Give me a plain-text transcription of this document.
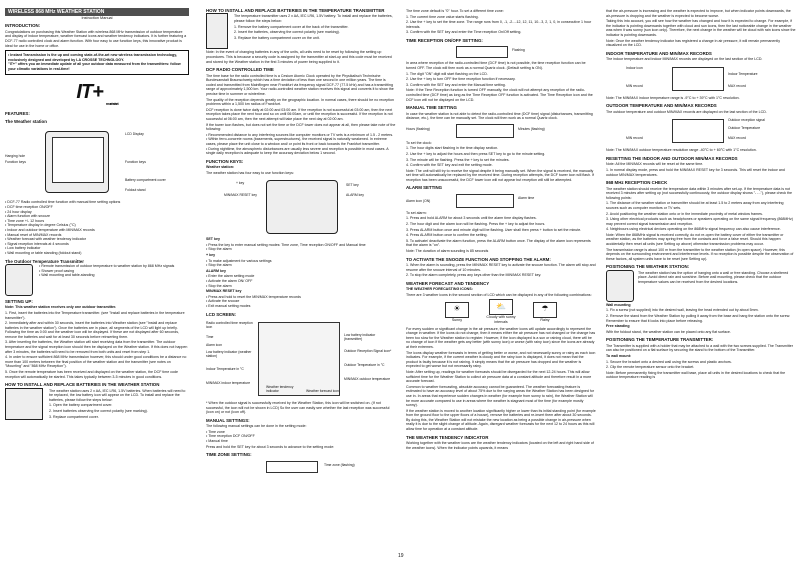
WIRELESS 868 MHz WEATHER STATION
Instruction Manual
INTRODUCTION:
Congratulations on purchasing this Weather Station with wireless 868 MHz transmission of outdoor temperature and display of indoor temperature, weather forecast icons and weather tendency indicators. It is further featuring a DCF-77 radio controlled clock and alarm function. With four easy to use function keys, this innovative product is ideal for use in the home or office.
• Instant Transmission is the up and coming state-of-the-art new wireless transmission technology, exclusively designed and developed by LA CROSSE TECHNOLOGY.
"IT+" offers you an immediate update of all your outdoor data measured from the transmitters: follow your climatic variations in real-time!
IT+
moreinstant
FEATURES:
The Weather station
LCD Display
Hanging hole
Function keys	Function keys
Battery compartment cover
Foldout stand
• DCF-77 Radio controlled time function with manual time setting options
• DCF time reception ON/OFF
• 24 hour display
• Alarm function with snooze
• Time zone +/- 12 hours
• Temperature display in degree Celsius (°C)
• Indoor and outdoor temperature with MIN/MAX records
• Manual reset of MIN/MAX records
• Weather forecast with weather tendency indicator
• Signal reception intervals at 4 seconds
• Low battery indicator
• Wall mounting or table standing (foldout stand)
The Outdoor Temperature Transmitter
• Remote transmission of outdoor temperature to weather station by 868 MHz signals
• Shower proof casing
• Wall mounting and table-standing
SETTING UP:
Note: This weather station receives only one outdoor transmitter.
1. First, insert the batteries into the Temperature transmitter. (see "Install and replace batteries in the temperature transmitter").
2. Immediately after and within 30 seconds, insert the batteries into Weather station (see "Install and replace batteries in the weather station"). Once the batteries are in place, all segments of the LCD will light up briefly. Following the time as 0:00 and the weather icon will be displayed. If these are not displayed after 60 seconds, remove the batteries and wait for at least 30 seconds before reinserting them.
3. After inserting the batteries, the Weather station will start receiving data from the transmitter. The outdoor temperature and the signal reception icon should then be displayed on the Weather station. If this does not happen after 3 minutes, the batteries will need to be removed from both units and reset from step 1.
4. In order to ensure sufficient 868 MHz transmission however, this should under good conditions be a distance no more than 100 meters between the final position of the weather station and the transmitter (see notes on "Mounting" and "868 MHz Reception").
5. Once the remote temperature has been received and displayed on the weather station, the DCF time code reception will automatically be started. This takes typically between 3-5 minutes in good conditions.
HOW TO INSTALL AND REPLACE BATTERIES IN THE WEATHER STATION
The weather station uses 2 x AA, IEC LR6, 1.5V batteries. When batteries will need to be replaced, the low battery icon will appear on the LCD. To install and replace the batteries, please follow the steps below:
1. Open the battery compartment cover.
2. Insert batteries observing the correct polarity (see marking).
3. Replace compartment cover.
HOW TO INSTALL AND REPLACE BATTERIES IN THE TEMPERATURE TRANSMITTER
The temperature transmitter uses 2 x AA, IEC LR6, 1.5V battery. To install and replace the batteries, please follow the steps below:
1. Remove the battery compartment cover at the back of the transmitter.
2. Insert the batteries, observing the correct polarity (see marking).
3. Replace the battery compartment cover on the unit.
Note: In the event of changing batteries in any of the units, all units need to be reset by following the setting up procedures. This is because a security code is assigned by the transmitter at start-up and this code must be received and stored by the Weather station in the first 3 minutes of power being supplied to it.
DCF RADIO CONTROLLED TIME
The time base for the radio controlled time is a Cesium Atomic Clock operated by the Physikalisch Technische Bundesanstalt Braunschweig which has a time deviation of less than one second in one million years. The time is coded and transmitted from Mainflingen near Frankfurt via frequency signal DCF-77 (77.5 kHz) and has a transmitting range of approximately 1,500 km. Your radio-controlled weather station receives this signal and converts it to show the precise time in summer or wintertime.
The quality of the reception depends greatly on the geographic location. In normal cases, there should be no reception problems within a 1,500 km radius of Frankfurt.
DCF reception is done twice daily at 02:00 and 03:00 am. If the reception is not successful at 03:00 am, then the next reception takes place the next hour and so on until 06:00am, or until the reception is successful. If the reception is not successful at 06:00 am, then the next attempt will take place the next day at 02:00 am.
If the tower icon flashes, but does not set the time or the DCF tower does not appear at all, then please take note of the following:
• Recommended distance to any interfering sources like computer monitors or TV sets is a minimum of 1.5 - 2 meters.
• Within ferro-concrete rooms (basements, superstructures), the received signal is naturally weakened. In extreme cases, please place the unit close to a window and/ or point its front or back towards the Frankfurt transmitter.
• During nighttime, the atmospheric disturbances are usually less severe and reception is possible in most cases. A single daily reception is adequate to keep the accuracy deviation below 1 second.
FUNCTION KEYS:
Weather station:
The weather station has four easy to use function keys:
+ key	SET key
MIN/MAX RESET key	ALARM key
SET key
• Press the key to enter manual setting modes: Time zone, Time reception ON/OFF and Manual time
• Stop the alarm
+ key
• To make adjustment for various settings
• Stop the alarm
ALARM key
• Enter the alarm setting mode
• Activate the alarm ON/ OFF
• Stop the alarm
MIN/MAX RESET key
• Press and hold to reset the MIN/MAX temperature records
• Activate the snooze
• Exit manual setting modes
LCD SCREEN:
Radio controlled time reception icon
Time
Alarm icon
Low battery indicator (weather station)
Indoor Temperature in °C
MIN/MAX indoor temperature
Weather tendency indicator	Weather forecast icon
Low battery indicator (transmitter)
Outdoor Reception Signal icon*
Outdoor Temperature in °C
MIN/MAX outdoor temperature
* When the outdoor signal is successfully received by the Weather Station, this icon will be switched on. (If not successful, the icon will not be shown in LCD) So the user can easily see whether the last reception was successful (icon on) or not (icon off).
MANUAL SETTINGS:
The following manual settings can be done in the setting mode:
• Time zone
• Time reception DCF ON/OFF
• Manual time
Press and hold the SET key for about 3 seconds to advance to the setting mode:
TIME ZONE SETTING:
Time zone (flashing)
The time zone default is "0" hour. To set a different time zone:
1. The current time zone value starts flashing.
2. Use the + key to set the time zone. The range runs from 0, -1, -2...-12, 12, 11, 10...3, 2, 1, 0, in consecutive 1 hour intervals.
3. Confirm with the SET key and enter the Time reception On/Off setting.
TIME RECEPTION ON/OFF SETTING:
Flashing
In area where reception of the radio-controlled time (DCF time) is not possible, the time reception function can be turned OFF. The clock will then work as a normal Quartz clock. (Default setting is ON).
1. The digit "ON" digit will start flashing on the LCD.
2. Use the + key to turn OFF the time reception function if necessary.
3. Confirm with the SET key and enter the Manual time setting.
Note: If the Time Reception function is turned OFF manually, the clock will not attempt any reception of the radio-controlled time (DCF time) as long as the Time Reception OFF function is activated. The Time Reception icon and the DCF icon will not be displayed on the LCD.
MANUAL TIME SETTING
In case the weather station is not able to detect the radio-controlled time (DCF time) signal (disturbances, transmitting distance, etc.), the time can be manually set. The clock will then work as a normal Quartz clock.
Hours (flashing)	Minutes (flashing)
To set the clock:
1. The hour digits start flashing in the time display section.
2. Use the + key to adjust the hours and then press SET key to go to the minute setting.
3. The minute will be flashing. Press the + key to set the minutes.
4. Confirm with the SET key and exit the setting mode.
Note: The unit will still try to receive the signal despite it being manually set. When the signal is received, the manually set time will automatically be replaced by the received time. During reception attempts, the DCF tower icon will flash. If reception has been unsuccessful, the DCF tower icon will not appear but reception will still be attempted.
ALARM SETTING
Alarm icon (ON)
Alarm time
To set alarm:
1. Press and hold ALARM for about 3 seconds until the alarm time display flashes.
2. The hour digit and the alarm icon will be flashing. Press the + key to adjust the hours.
3. Press ALARM button once and minute digit will be flashing. User shall then press + button to set the minute.
4. Press ALARM button once to confirm the setting.
5. To activate/ deactivate the alarm function, press the ALARM button once. The display of the alarm icon represents that the alarm is "on".
Note: The duration of alarm sounding is 85 seconds
TO ACTIVATE THE SNOOZE FUNCTION AND STOPPING THE ALARM:
1. When the alarm is sounding, press the MIN/MAX RESET key to activate the snooze function. The alarm will stop and resume after the snooze interval of 10 minutes.
2. To stop the alarm completely, press any keys other than the MIN/MAX RESET key.
WEATHER FORECAST AND TENDENCY
THE WEATHER FORECASTING ICONS:
There are 3 weather icons in the second section of LCD which can be displayed in any of the following combinations:
☀
Sunny
⛅
Cloudy with sunny intervals
☂
Rainy
For every sudden or significant change in the air pressure, the weather icons will update accordingly to represent the change in weather. If the icons do not change, then it means either the air pressure has not changed or the change has been too slow for the Weather station to register. However, if the icon displayed is a sun or raining cloud, there will be no change of icon if the weather gets any better (with sunny icon) or worse (with rainy icon) since the icons are already at their extremes.
The icons display weather forecasts in terms of getting better or worse, and not necessarily sunny or rainy as each icon indicates. For example, if the current weather is cloudy and the rainy icon is displayed, it does not mean that the product is faulty because it is not raining. It simply means that the air pressure has dropped and the weather is expected to get worse but not necessarily rainy.
Note: After setting up, readings for weather forecasts should be disregarded for the next 12-24 hours. This will allow sufficient time for the Weather Station to collect air pressure data at a constant altitude and therefore result in a more accurate forecast.
Common to weather forecasting, absolute accuracy cannot be guaranteed. The weather forecasting feature is estimated to have an accuracy level of about 75% due to the varying areas the Weather Station has been designed for use in. In areas that experience sudden changes in weather (for example from sunny to rain), the Weather Station will be more accurate compared to use in areas where the weather is stagnant most of the time (for example mostly sunny).
If the weather station is moved to another location significantly higher or lower than its initial standing point (for example from the ground floor to the upper floors of a house), remove the batteries and re-insert them after about 30 seconds. By doing this, the Weather Station will not mistake the new location as being a possible change in air-pressure when really it is due to the slight change of altitude. Again, disregard weather forecasts for the next 12 to 24 hours as this will allow time for operation at a constant altitude.
THE WEATHER TENDENCY INDICATOR
Working together with the weather icons are the weather tendency indicators (located on the left and right hand side of the weather icons). When the indicator points upwards, it means
that the air-pressure is increasing and the weather is expected to improve, but when indicator points downwards, the air-pressure is dropping and the weather is expected to become worse.
Taking this into account, you will see how the weather has changed and how it is expected to change. For example, if the indicator is pointing downwards together with cloud and sun icons, then the last noticeable change in the weather was when it was sunny (sun icon only). Therefore, the next change in the weather will be cloud with rain icons since the indicator is pointing downwards.
Note: Once the weather tendency indicator has registered a change in air pressure, it will remain permanently visualized on the LCD.
INDOOR TEMPERATURE AND MIN/MAX RECORDS
The indoor temperature and indoor MIN/MAX records are displayed on the last section of the LCD.
Indoor icon
Indoor Temperature
MIN record	MAX record
Note: The MIN/MAX indoor temperature range is -9°C to + 39°C with 1°C resolution.
OUTDOOR TEMPERATURE AND MIN/MAX RECORDS
The outdoor temperature and outdoor MIN/MAX records are displayed on the last section of the LCD.
Outdoor reception signal
Outdoor Temperature
MIN record	MAX record
Note: The MIN/MAX outdoor temperature resolution range -40°C to + 60°C with 1°C resolution.
RESETTING THE INDOOR AND OUTDOOR MIN/MAX RECORDS
Note: All the MIN/MAX records will be reset at the same time.
1. In normal display mode, press and hold the MIN/MAX RESET key for 3 seconds. This will reset the indoor and outdoor MIN/MAX temperatures.
868 MHz RECEPTION CHECK
The weather station should receive the temperature data within 3 minutes after set-up. If the temperature data is not received 3 minutes after setting up (not successfully continuously, the outdoor display shows "- - -"), please check the following points:
1. The distance of the weather station or transmitter should be at least 1.5 to 2 meters away from any interfering sources such as computer monitors or TV sets.
2. Avoid positioning the weather station onto or in the immediate proximity of metal window frames.
3. Using other electrical products such as headphones or speakers operating on the same signal frequency (868MHz) may prevent correct signal transmission and reception.
4. Neighbours using electrical devices operating on the 868MHz signal frequency can also cause interference.
Note: When the 868MHz signal is received correctly, do not re-open the battery cover of either the transmitter or weather station, as the batteries may spring free from the contacts and force a false reset. Should this happen accidentally then reset all units (see Setting up above) otherwise transmission problems may occur.
The transmission range is about 100 m from the transmitter to the weather station (in open space). However, this depends on the surrounding environment and interference levels. If no reception is possible despite the observation of these factors, all system units have to be reset (see Setting up).
POSITIONING THE WEATHER STATION:
The weather station has the option of hanging onto a wall or free standing. Choose a sheltered place. Avoid direct rain and sunshine. Before wall mounting, please check that the outdoor temperature values can be received from the desired locations.
Wall mounting
1. Fix a screw (not supplied) into the desired wall, leaving the head extended out by about 5mm.
2. Remove the stand from the Weather Station by pulling it away from the base and hang the station onto the screw. Remember to ensure that it locks into place before releasing.
Free standing
With the foldout stand, the weather station can be placed onto any flat surface.
POSITIONING THE TEMPERATURE TRANSMITTER:
The Transmitter is supplied with a holder that may be attached to a wall with the two screws supplied. The Transmitter can also be positioned on a flat surface by securing the stand to the bottom of the Transmitter.
To wall mount:
1. Secure the bracket onto a desired wall using the screws and plastic anchors.
2. Clip the remote temperature sensor onto the bracket.
Note: Before permanently fixing the transmitter wall base, place all units in the desired locations to check that the outdoor temperature reading is
19
